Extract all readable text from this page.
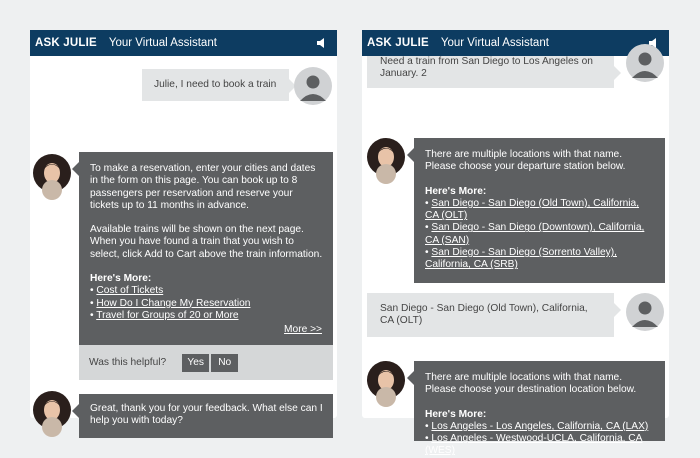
ASK JULIE Your Virtual Assistant
Julie, I need to book a train
To make a reservation, enter your cities and dates in the form on this page. You can book up to 8 passengers per reservation and reserve your tickets up to 11 months in advance.
Available trains will be shown on the next page. When you have found a train that you wish to select, click Add to Cart above the train information.
Here's More:
• Cost of Tickets
• How Do I Change My Reservation
• Travel for Groups of 20 or More
More >>
Was this helpful?	Yes	No
Great, thank you for your feedback. What else can I help you with today?
ASK JULIE Your Virtual Assistant
Need a train from San Diego to Los Angeles on January. 2
There are multiple locations with that name. Please choose your departure station below.
Here's More:
• San Diego - San Diego (Old Town), California, CA (OLT)
• San Diego - San Diego (Downtown), California, CA (SAN)
• San Diego - San Diego (Sorrento Valley), California, CA (SRB)
San Diego - San Diego (Old Town), California, CA (OLT)
There are multiple locations with that name. Please choose your destination location below.
Here's More:
• Los Angeles - Los Angeles, California, CA (LAX)
• Los Angeles - Westwood-UCLA, California, CA (WES)
